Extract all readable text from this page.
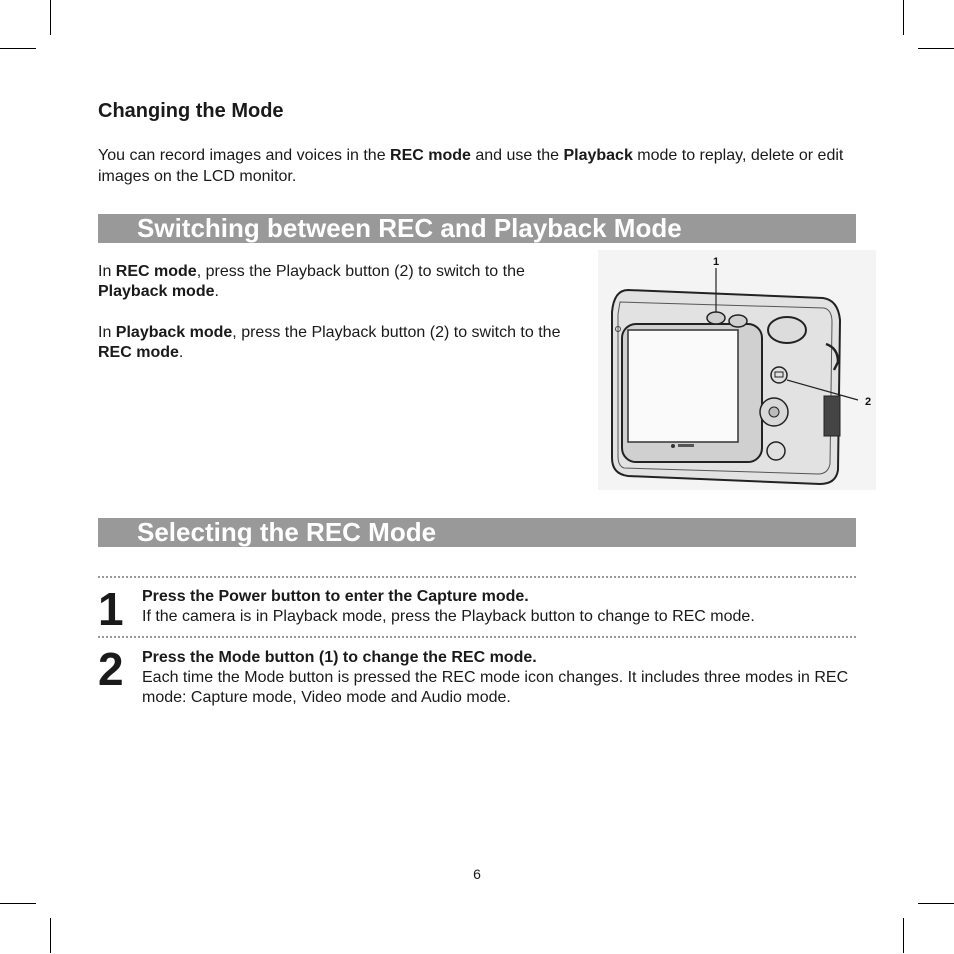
Changing the Mode

You can record images and voices in the REC mode and use the Playback mode to replay, delete or edit images on the LCD monitor.

Switching between REC and Playback Mode

In REC mode, press the Playback button (2) to switch to the
Playback mode.

In Playback mode, press the Playback button (2) to switch to the
REC mode.

1
2
Selecting the REC Mode
1 Press the Power button to enter the Capture mode.
If the camera is in Playback mode, press the Playback button to change to REC mode.
2 Press the Mode button (1) to change the REC mode.
Each time the Mode button is pressed the REC mode icon changes. It includes three modes in REC mode: Capture mode, Video mode and Audio mode.
6
